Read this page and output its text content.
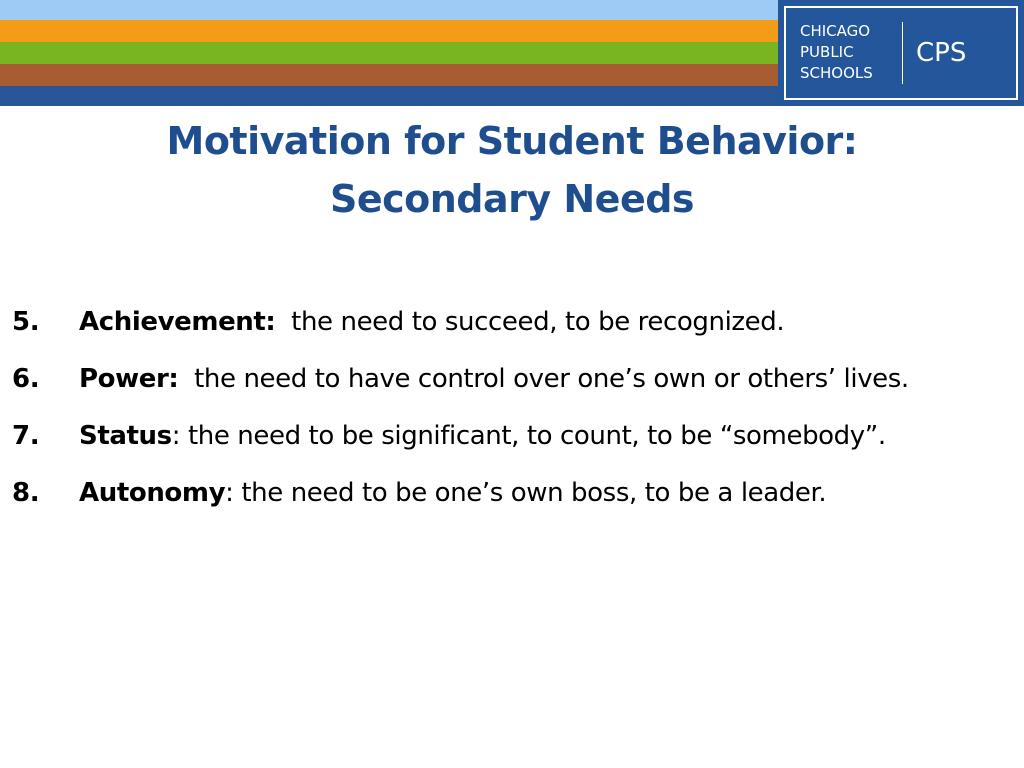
CHICAGO
PUBLIC
SCHOOLS
CPS
Motivation for Student Behavior:
Secondary Needs
5. Achievement:  the need to succeed, to be recognized.
6. Power:  the need to have control over one’s own or others’ lives.
7. Status: the need to be significant, to count, to be “somebody”.
8. Autonomy: the need to be one’s own boss, to be a leader.
